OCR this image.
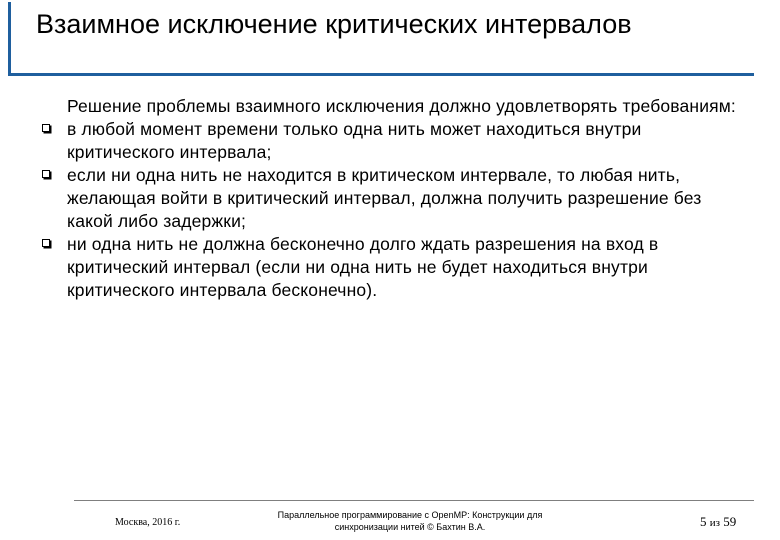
Взаимное исключение критических интервалов

Решение проблемы взаимного исключения должно удовлетворять требованиям:

в любой момент времени только одна нить может находиться внутри критического интервала;
если ни одна нить не находится в критическом интервале, то любая нить, желающая войти в критический интервал, должна получить разрешение без какой либо задержки;
ни одна нить не должна бесконечно долго ждать разрешения на вход в критический интервал (если ни одна нить не будет находиться внутри критического интервала бесконечно).
Москва, 2016 г.
Параллельное программирование с OpenMP: Конструкции для
синхронизации нитей © Бахтин В.А.	5 из 59
